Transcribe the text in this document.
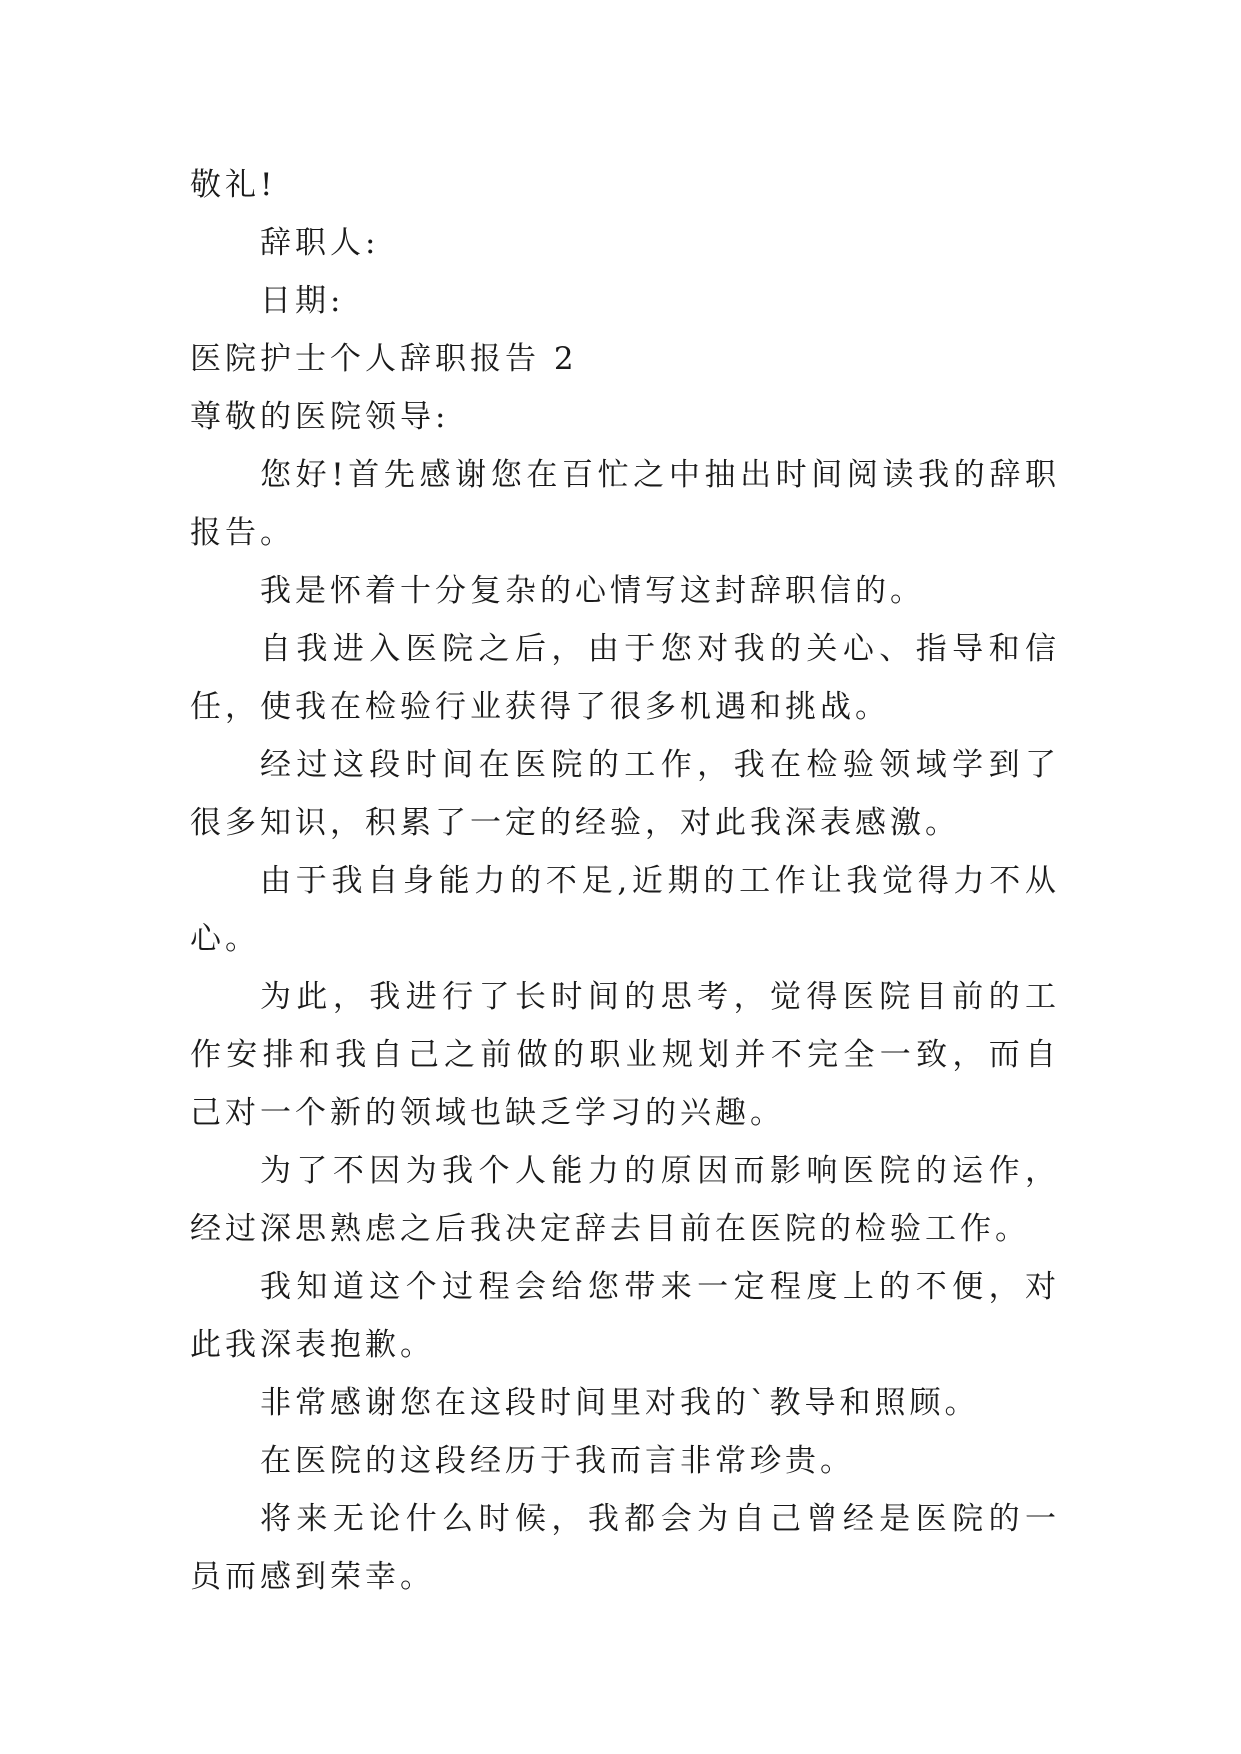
敬礼!
辞职人:
日期:
医院护士个人辞职报告 2
尊敬的医院领导:

您好!首先感谢您在百忙之中抽出时间阅读我的辞职报告。

我是怀着十分复杂的心情写这封辞职信的。

自我进入医院之后，由于您对我的关心、指导和信任，使我在检验行业获得了很多机遇和挑战。

经过这段时间在医院的工作，我在检验领域学到了很多知识，积累了一定的经验，对此我深表感激。

由于我自身能力的不足,近期的工作让我觉得力不从心。

为此，我进行了长时间的思考，觉得医院目前的工作安排和我自己之前做的职业规划并不完全一致，而自己对一个新的领域也缺乏学习的兴趣。

为了不因为我个人能力的原因而影响医院的运作，经过深思熟虑之后我决定辞去目前在医院的检验工作。

我知道这个过程会给您带来一定程度上的不便，对此我深表抱歉。

非常感谢您在这段时间里对我的`教导和照顾。

在医院的这段经历于我而言非常珍贵。

将来无论什么时候，我都会为自己曾经是医院的一员而感到荣幸。
